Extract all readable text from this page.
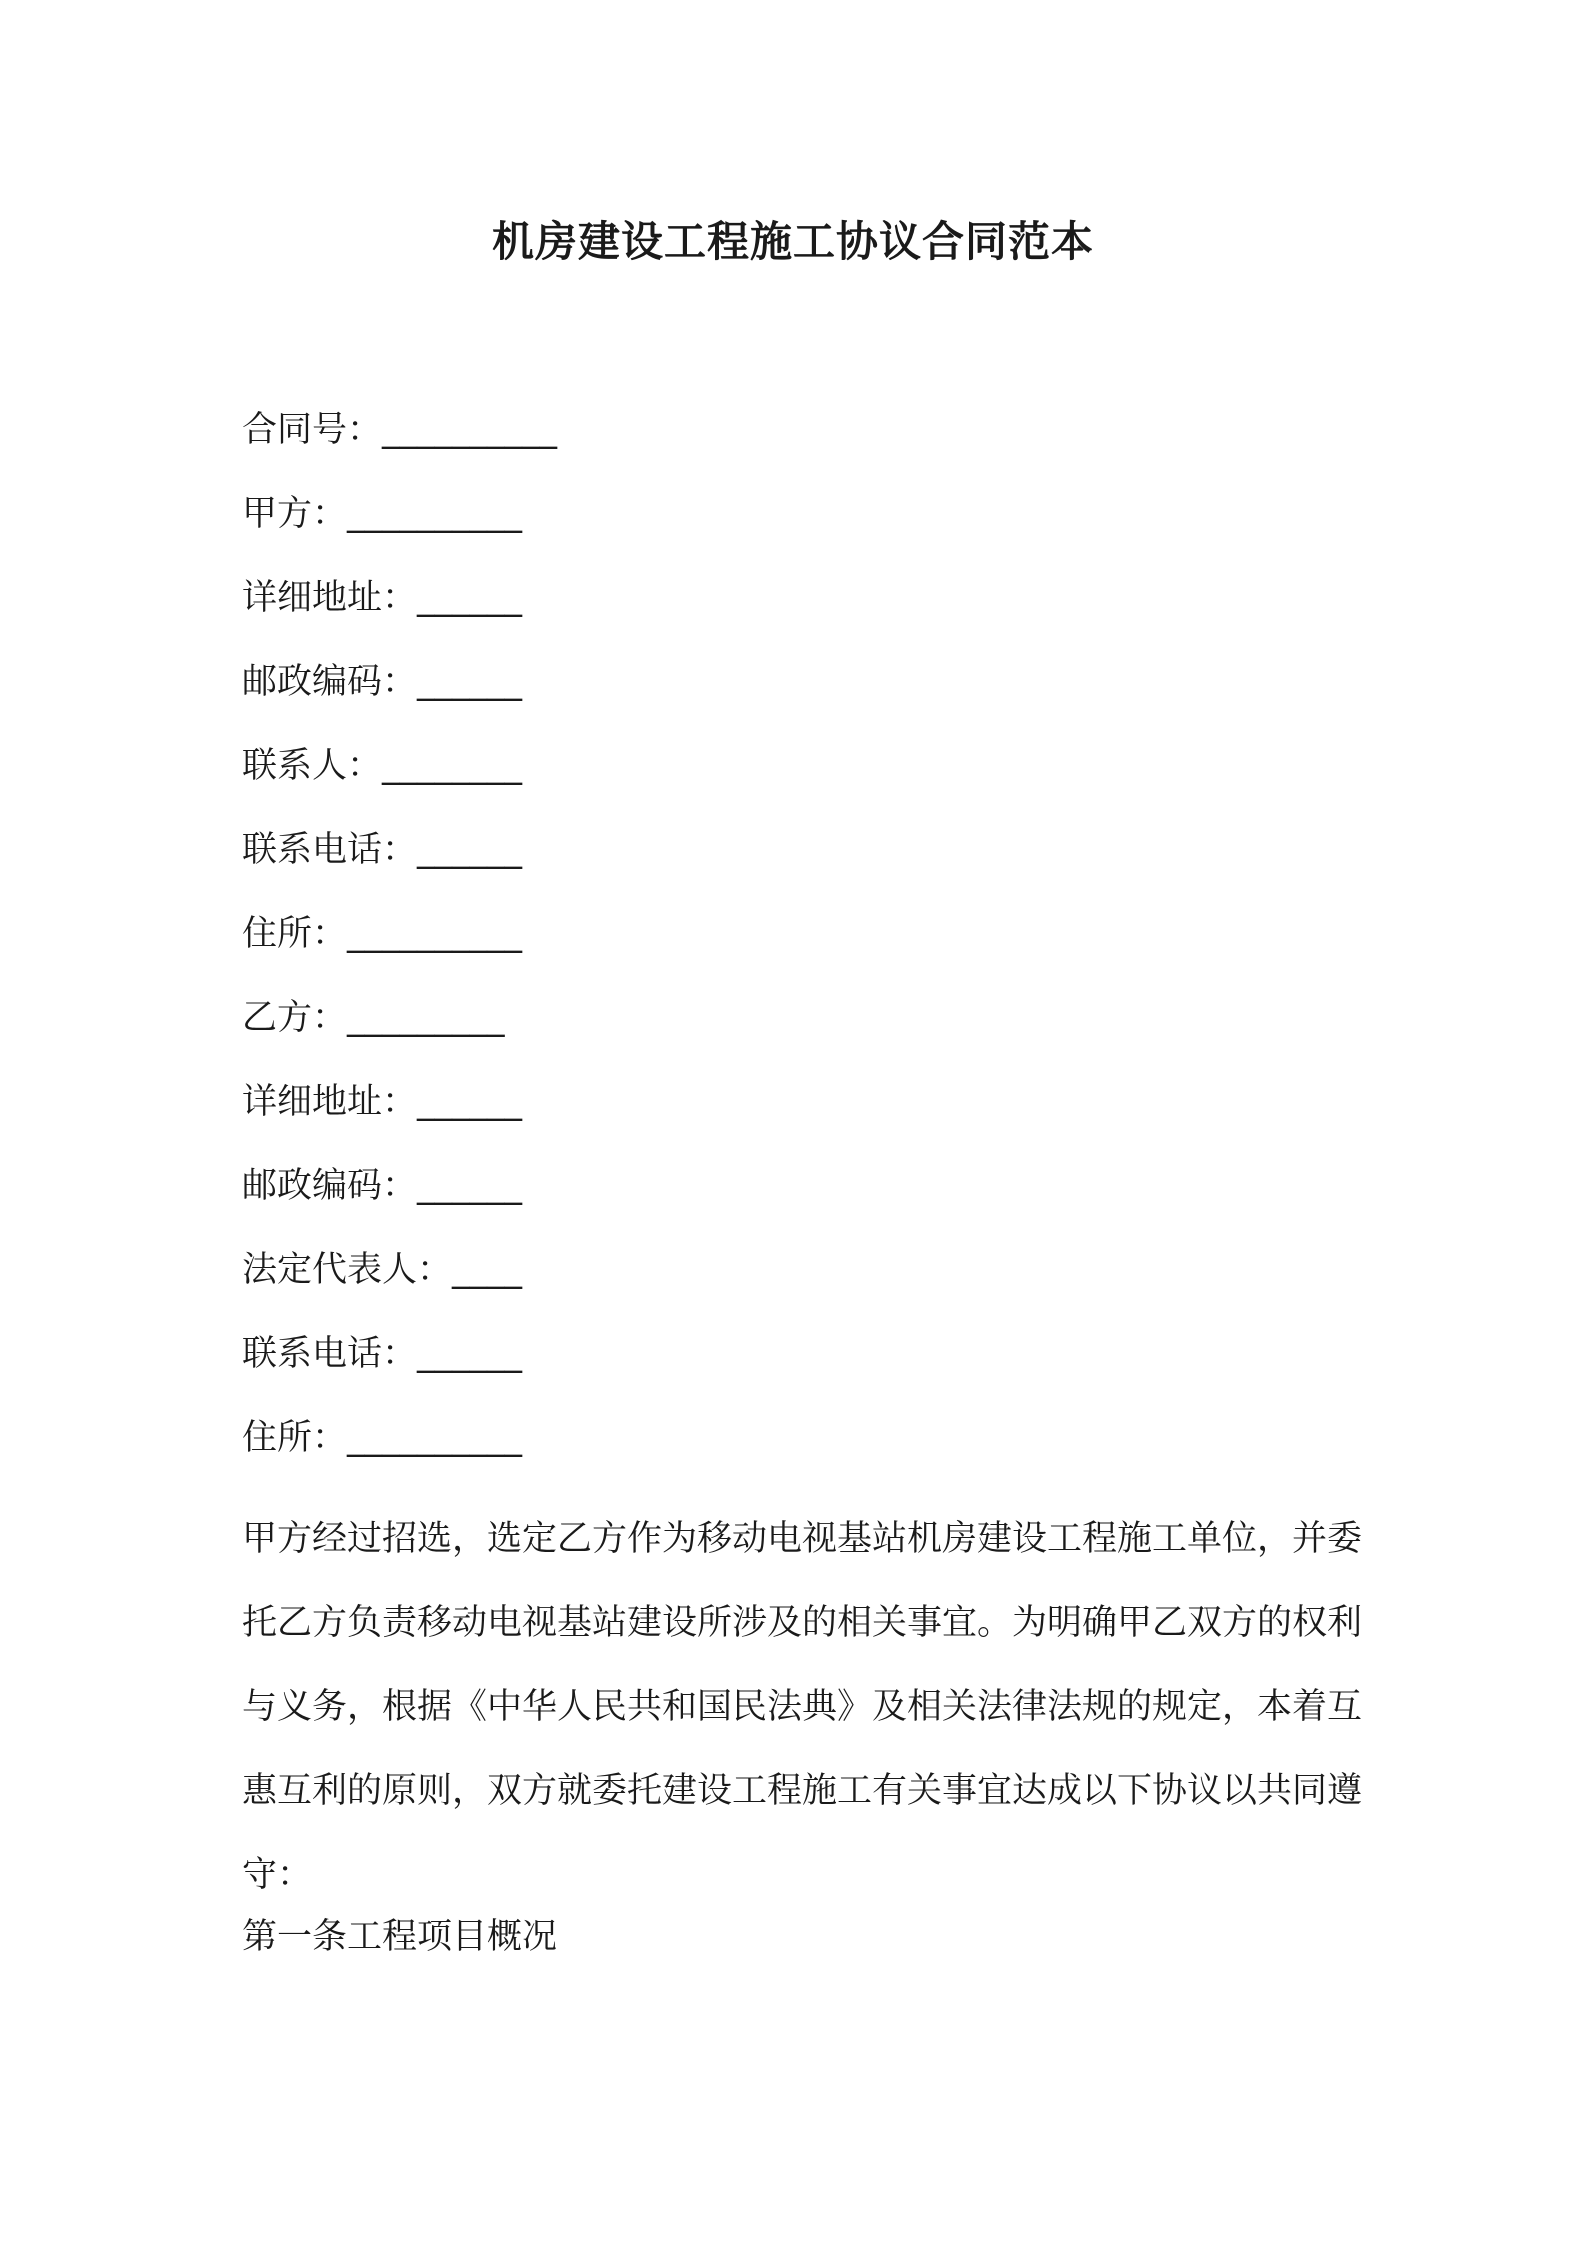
机房建设工程施工协议合同范本
合同号：__________
甲方：__________
详细地址：______
邮政编码：______
联系人：________
联系电话：______
住所：__________
乙方：_________
详细地址：______
邮政编码：______
法定代表人：____
联系电话：______
住所：__________
甲方经过招选，选定乙方作为移动电视基站机房建设工程施工单位，并委托乙方负责移动电视基站建设所涉及的相关事宜。为明确甲乙双方的权利与义务，根据《中华人民共和国民法典》及相关法律法规的规定，本着互惠互利的原则，双方就委托建设工程施工有关事宜达成以下协议以共同遵守：
第一条工程项目概况
